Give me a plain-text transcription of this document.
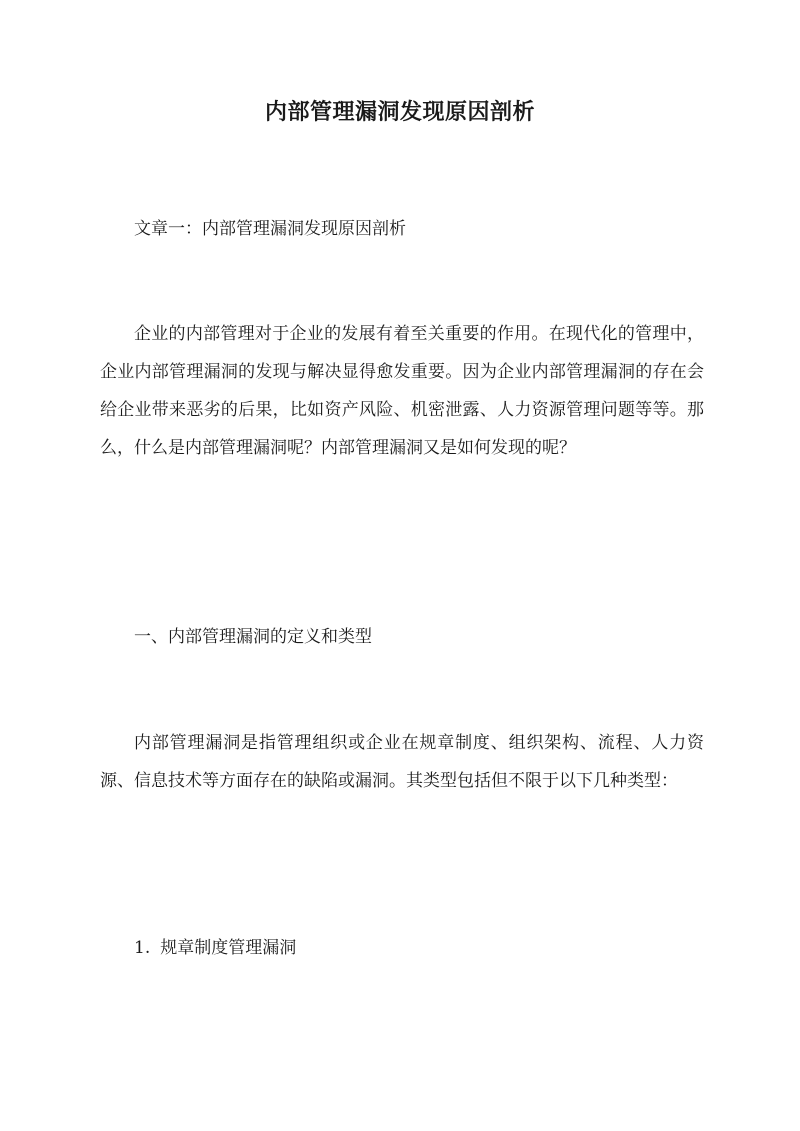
内部管理漏洞发现原因剖析

文章一：内部管理漏洞发现原因剖析

企业的内部管理对于企业的发展有着至关重要的作用。在现代化的管理中，企业内部管理漏洞的发现与解决显得愈发重要。因为企业内部管理漏洞的存在会给企业带来恶劣的后果，比如资产风险、机密泄露、人力资源管理问题等等。那么，什么是内部管理漏洞呢？内部管理漏洞又是如何发现的呢？

一、内部管理漏洞的定义和类型

内部管理漏洞是指管理组织或企业在规章制度、组织架构、流程、人力资源、信息技术等方面存在的缺陷或漏洞。其类型包括但不限于以下几种类型：

1. 规章制度管理漏洞
